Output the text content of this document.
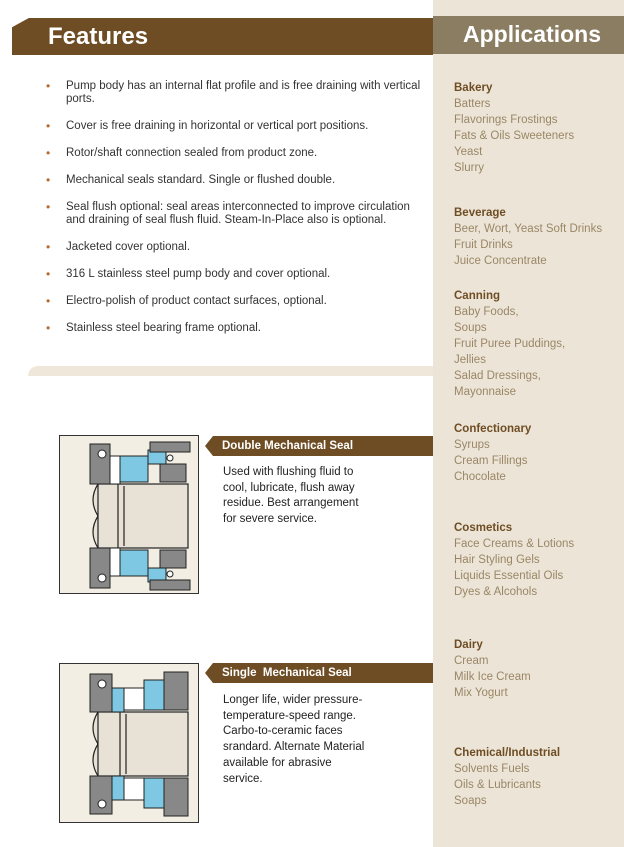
Features	Applications
• Pump body has an internal flat profile and is free draining with vertical ports.
• Cover is free draining in horizontal or vertical port positions.
• Rotor/shaft connection sealed from product zone.
• Mechanical seals standard. Single or flushed double.
• Seal flush optional: seal areas interconnected to improve circulation and draining of seal flush fluid. Steam-In-Place also is optional.
• Jacketed cover optional.
• 316 L stainless steel pump body and cover optional.
• Electro-polish of product contact surfaces, optional.
• Stainless steel bearing frame optional.
Double Mechanical Seal
Used with flushing fluid to cool, lubricate, flush away residue. Best arrangement for severe service.
Single  Mechanical Seal
Longer life, wider pressure-temperature-speed range. Carbo-to-ceramic faces srandard. Alternate Material available for abrasive service.
Bakery
Batters
Flavorings Frostings
Fats & Oils Sweeteners
Yeast
Slurry
Beverage
Beer, Wort, Yeast Soft Drinks
Fruit Drinks
Juice Concentrate
Canning
Baby Foods,
Soups
Fruit Puree Puddings,
Jellies
Salad Dressings,
Mayonnaise
Confectionary
Syrups
Cream Fillings
Chocolate
Cosmetics
Face Creams & Lotions
Hair Styling Gels
Liquids Essential Oils
Dyes & Alcohols
Dairy
Cream
Milk Ice Cream
Mix Yogurt
Chemical/Industrial
Solvents Fuels
Oils & Lubricants
Soaps
